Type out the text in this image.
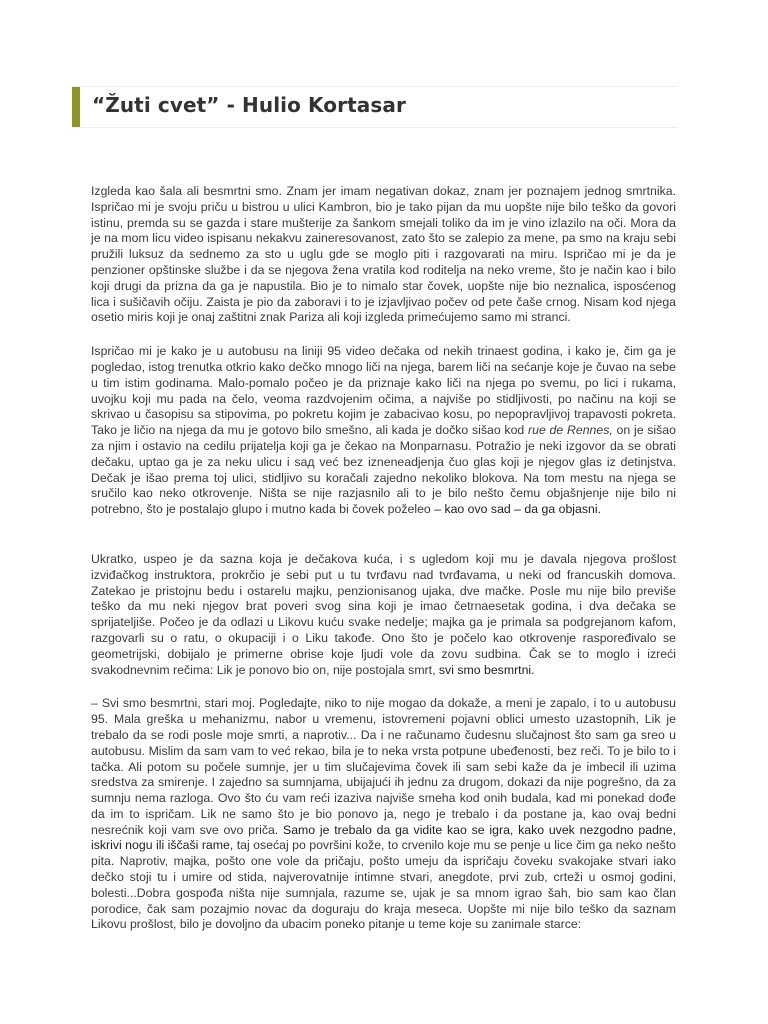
“Žuti cvet” - Hulio Kortasar

Izgleda kao šala ali besmrtni smo. Znam jer imam negativan dokaz, znam jer poznajem jednog smrtnika. Ispričao mi je svoju priču u bistrou u ulici Kambron, bio je tako pijan da mu uopšte nije bilo teško da govori istinu, premda su se gazda i stare mušterije za šankom smejali toliko da im je vino izlazilo na oči. Mora da je na mom licu video ispisanu nekakvu zaineresovanost, zato što se zalepio za mene, pa smo na kraju sebi pružili luksuz da sednemo za sto u uglu gde se moglo piti i razgovarati na miru. Ispričao mi je da je penzioner opštinske službe i da se njegova žena vratila kod roditelja na neko vreme, što je način kao i bilo koji drugi da prizna da ga je napustila. Bio je to nimalo star čovek, uopšte nije bio neznalica, isposćenog lica i sušičavih očiju. Zaista je pio da zaboravi i to je izjavljivao počev od pete čaše crnog. Nisam kod njega osetio miris koji je onaj zaštitni znak Pariza ali koji izgleda primećujemo samo mi stranci.

Ispričao mi je kako je u autobusu na liniji 95 video dečaka od nekih trinaest godina, i kako je, čim ga je pogledao, istog trenutka otkrio kako dečko mnogo liči na njega, barem liči na sećanje koje je čuvao na sebe u tim istim godinama. Malo-pomalo počeo je da priznaje kako liči na njega po svemu, po lici i rukama, uvojku koji mu pada na čelo, veoma razdvojenim očima, a najviše po stidljivosti, po načinu na koji se skrivao u časopisu sa stipovima, po pokretu kojim je zabacivao kosu, po nepopravljivoj trapavosti pokreta. Tako je ličio na njega da mu je gotovo bilo smešno, ali kada je dočko sišao kod rue de Rennes, on je sišao za njim i ostavio na cedilu prijatelja koji ga je čekao na Monparnasu. Potražio je neki izgovor da se obrati dečaku, uptao ga je za neku ulicu i saд već bez izneneadjenja čuo glas koji je njegov glas iz detinjstva. Dečak je išao prema toj ulici, stidljivo su koračali zajedno nekoliko blokova. Na tom mestu na njega se sručilo kao neko otkrovenje. Ništa se nije razjasnilo ali to je bilo nešto čemu objašnjenje nije bilo ni potrebno, što je postalajo glupo i mutno kada bi čovek poželeo – kao ovo sad – da ga objasni.

Ukratko, uspeo je da sazna koja je dečakova kuća, i s ugledom koji mu je davala njegova prošlost izviđačkog instruktora, prokrčio je sebi put u tu tvrđavu nad tvrđavama, u neki od francuskih domova. Zatekao je pristojnu bedu i ostarelu majku, penzionisanog ujaka, dve mačke. Posle mu nije bilo previše teško da mu neki njegov brat poveri svog sina koji je imao četrnaesetak godina, i dva dečaka se sprijateljiše. Počeo je da odlazi u Likovu kuću svake nedelje; majka ga je primala sa podgrejanom kafom, razgovarli su o ratu, o okupaciji i o Liku takođe. Ono što je počelo kao otkrovenje raspoređivalo se geometrijski, dobijalo je primerne obrise koje ljudi vole da zovu sudbina. Čak se to moglo i izreći svakodnevnim rečima: Lik je ponovo bio on, nije postojala smrt, svi smo besmrtni.

– Svi smo besmrtni, stari moj. Pogledajte, niko to nije mogao da dokaže, a meni je zapalo, i to u autobusu 95. Mala greška u mehanizmu, nabor u vremenu, istovremeni pojavni oblici umesto uzastopnih, Lik je trebalo da se rodi posle moje smrti, a naprotiv... Da i ne računamo čudesnu slučajnost što sam ga sreo u autobusu. Mislim da sam vam to već rekao, bila je to neka vrsta potpune ubeđenosti, bez reči. To je bilo to i tačka. Ali potom su počele sumnje, jer u tim slučajevima čovek ili sam sebi kaže da je imbecil ili uzima sredstva za smirenje. I zajedno sa sumnjama, ubijajući ih jednu za drugom, dokazi da nije pogrešno, da za sumnju nema razloga. Ovo što ću vam reći izaziva najviše smeha kod onih budala, kad mi ponekad dođe da im to ispričam. Lik ne samo što je bio ponovo ja, nego je trebalo i da postane ja, kao ovaj bedni nesrećnik koji vam sve ovo priča. Samo je trebalo da ga vidite kao se igra, kako uvek nezgodno padne, iskrivi nogu ili iščaši rame, taj osećaj po površini kože, to crvenilo koje mu se penje u lice čim ga neko nešto pita. Naprotiv, majka, pošto one vole da pričaju, pošto umeju da ispričaju čoveku svakojake stvari iako dečko stoji tu i umire od stida, najverovatnije intimne stvari, anegdote, prvi zub, crteži u osmoj godini, bolesti...Dobra gospođa ništa nije sumnjala, razume se, ujak je sa mnom igrao šah, bio sam kao član porodice, čak sam pozajmio novac da doguraju do kraja meseca. Uopšte mi nije bilo teško da saznam Likovu prošlost, bilo je dovoljno da ubacim poneko pitanje u teme koje su zanimale starce:
